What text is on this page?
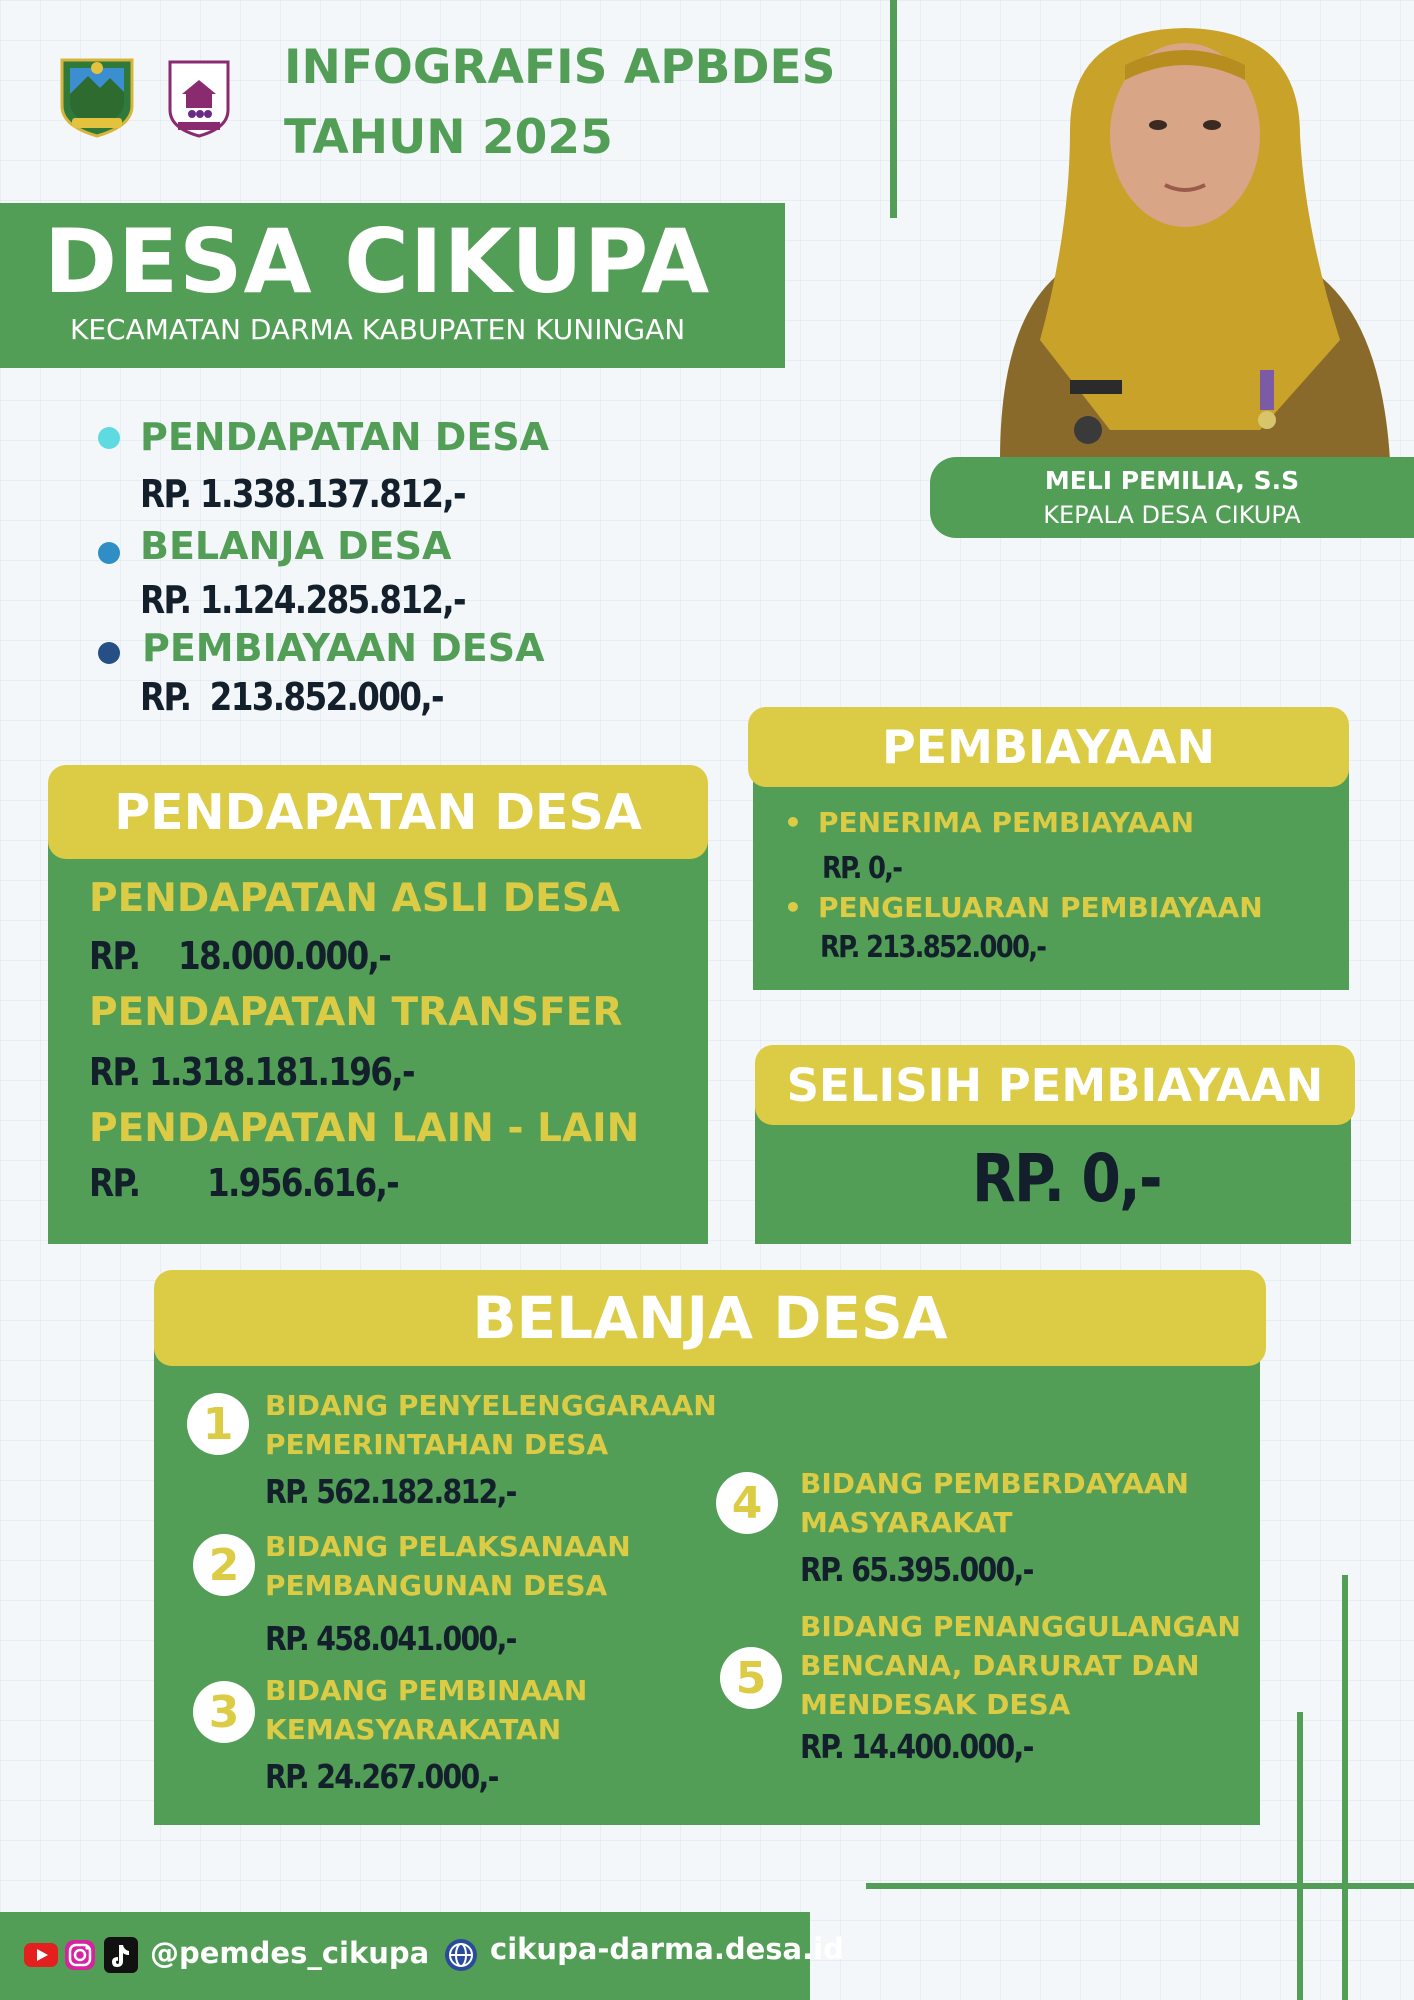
INFOGRAFIS APBDES
TAHUN 2025
DESA CIKUPA
KECAMATAN DARMA KABUPATEN KUNINGAN
MELI PEMILIA, S.S
KEPALA DESA CIKUPA
PENDAPATAN DESA
RP. 1.338.137.812,-
BELANJA DESA
RP. 1.124.285.812,-
PEMBIAYAAN DESA
RP.  213.852.000,-
PENDAPATAN DESA
PENDAPATAN ASLI DESA
RP.    18.000.000,-
PENDAPATAN TRANSFER
RP. 1.318.181.196,-
PENDAPATAN LAIN - LAIN
RP.       1.956.616,-
PEMBIAYAAN
• PENERIMA PEMBIAYAAN
RP. 0,-
• PENGELUARAN PEMBIAYAAN
RP. 213.852.000,-
SELISIH PEMBIAYAAN
RP. 0,-
BELANJA DESA
1	BIDANG PENYELENGGARAAN
PEMERINTAHAN DESA
RP. 562.182.812,-
2 BIDANG PELAKSANAAN
PEMBANGUNAN DESA
RP. 458.041.000,-
3 BIDANG PEMBINAAN
KEMASYARAKATAN
RP. 24.267.000,-
4	BIDANG PEMBERDAYAAN
MASYARAKAT
RP. 65.395.000,-
5
BIDANG PENANGGULANGAN
BENCANA, DARURAT DAN
MENDESAK DESA
RP. 14.400.000,-
@pemdes_cikupa cikupa-darma.desa.id
